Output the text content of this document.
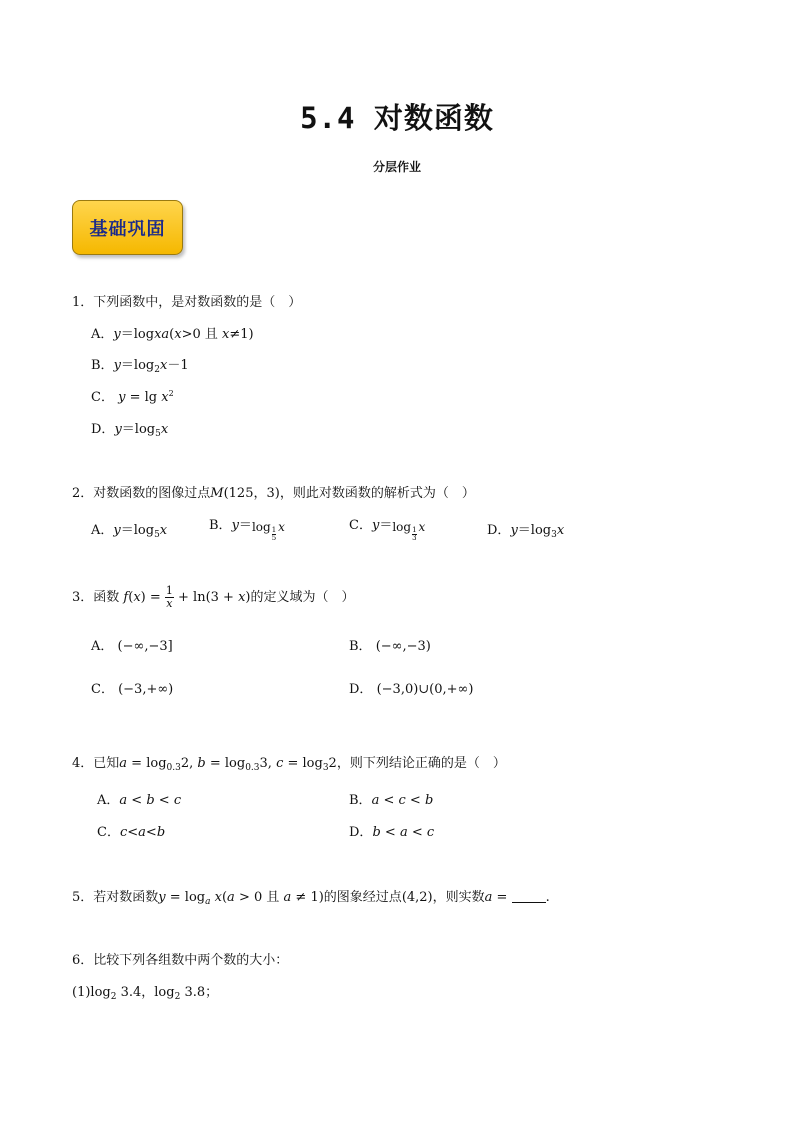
5.4 对数函数
分层作业
基础巩固
1．下列函数中，是对数函数的是（　）
A．y＝logxa(x>0 且 x≠1)
B．$y=\log_2x-1$
C． $y = \lg x^2$
D．$y=\log_5x$
2．对数函数的图像过点M(125，3)，则此对数函数的解析式为（　）
A．$y=\log_5x$	B．$y=\log \frac{1}{5}$ x	C．$y=\log \frac{1}{3}$ x	D．$y=\log_3x$
3．函数 $f(x) = \frac{1}{x} + \ln(3 + x)$的定义域为（　）
A． (−∞,−3]	B． (−∞,−3)
C． (−3,+∞)	D． (−3,0)∪(0,+∞)
4．已知$a = \log_{0.3}2$, $b = \log_{0.3}3$, $c = \log_32$，则下列结论正确的是（　）
A．a < b < c	B．a < c < b
C．c<a<b	D．b < a < c
5．若对数函数$y = \log_a x(a > 0$ 且 a ≠ 1)的图象经过点(4,2)，则实数a =	.
6．比较下列各组数中两个数的大小：
$(1)\log_2$ 3.4，$\log_2 3.8$；
